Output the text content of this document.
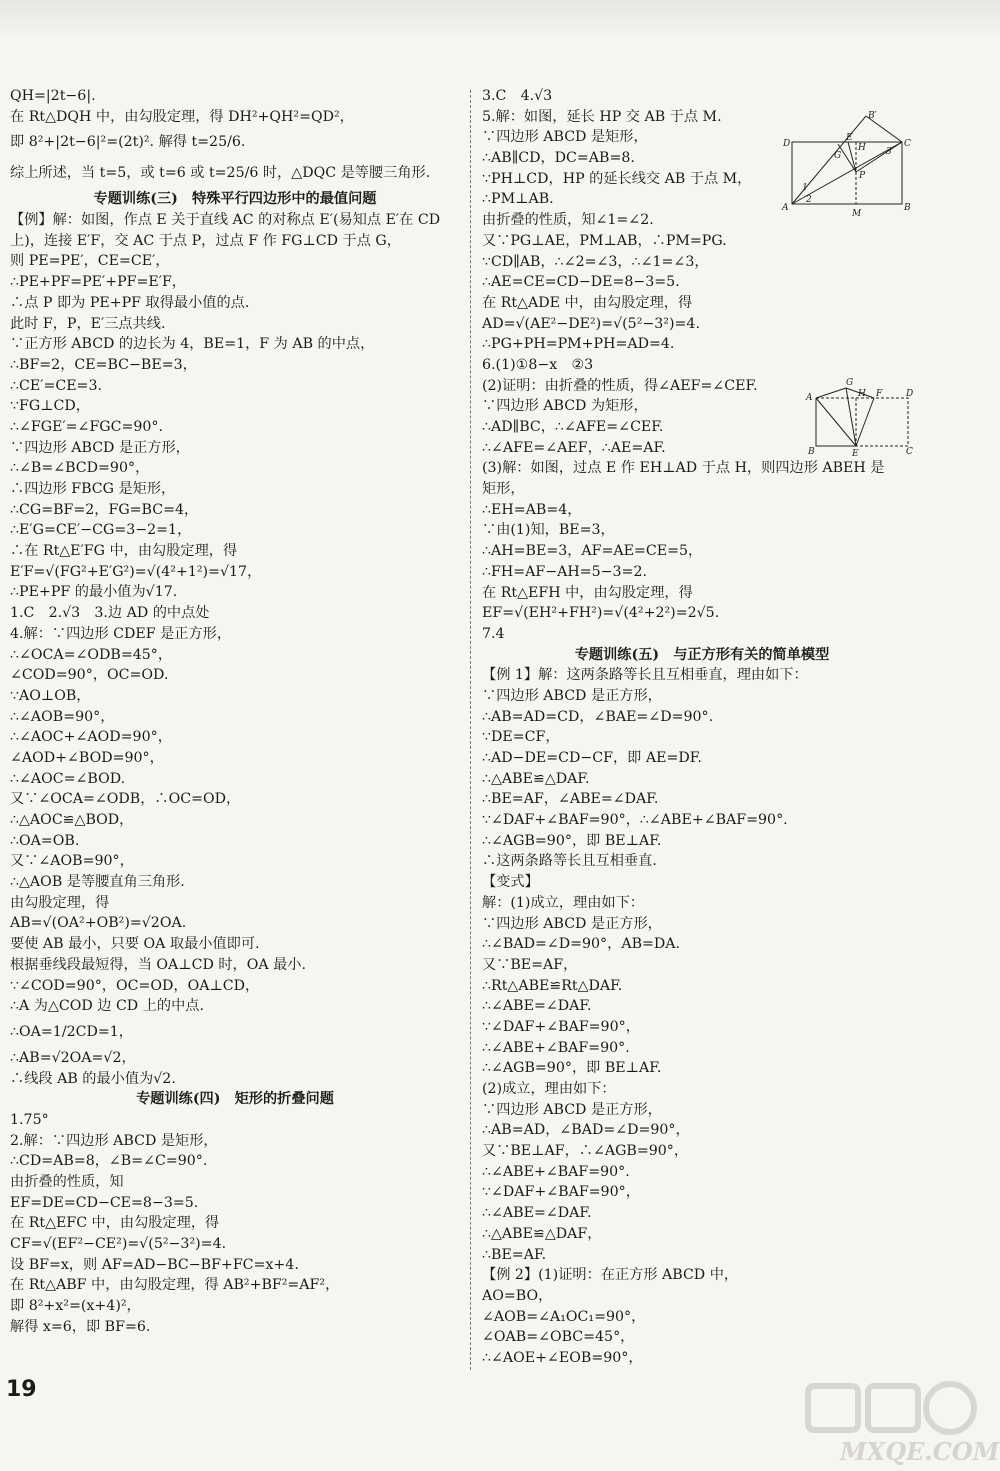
QH=|2t−6|.
在 Rt△DQH 中，由勾股定理，得 DH²+QH²=QD²，
即 8²+|2t−6|²=(2t)². 解得 t=25/6.
综上所述，当 t=5，或 t=6 或 t=25/6 时，△DQC 是等腰三角形.
专题训练(三)　特殊平行四边形中的最值问题
【例】解：如图，作点 E 关于直线 AC 的对称点 E′(易知点 E′在 CD
上)，连接 E′F，交 AC 于点 P，过点 F 作 FG⊥CD 于点 G，
则 PE=PE′，CE=CE′，
∴PE+PF=PE′+PF=E′F，
∴点 P 即为 PE+PF 取得最小值的点.
此时 F，P，E′三点共线.
∵正方形 ABCD 的边长为 4，BE=1，F 为 AB 的中点，
∴BF=2，CE=BC−BE=3，
∴CE′=CE=3.
∵FG⊥CD，
∴∠FGE′=∠FGC=90°.
∵四边形 ABCD 是正方形，
∴∠B=∠BCD=90°，
∴四边形 FBCG 是矩形，
∴CG=BF=2，FG=BC=4，
∴E′G=CE′−CG=3−2=1，
∴在 Rt△E′FG 中，由勾股定理，得
E′F=√(FG²+E′G²)=√(4²+1²)=√17，
∴PE+PF 的最小值为√17.
1.C　2.√3　3.边 AD 的中点处
4.解：∵四边形 CDEF 是正方形，
∴∠OCA=∠ODB=45°，
∠COD=90°，OC=OD.
∵AO⊥OB，
∴∠AOB=90°，
∴∠AOC+∠AOD=90°，
∠AOD+∠BOD=90°，
∴∠AOC=∠BOD.
又∵∠OCA=∠ODB，∴OC=OD，
∴△AOC≌△BOD，
∴OA=OB.
又∵∠AOB=90°，
∴△AOB 是等腰直角三角形.
由勾股定理，得
AB=√(OA²+OB²)=√2OA.
要使 AB 最小，只要 OA 取最小值即可.
根据垂线段最短得，当 OA⊥CD 时，OA 最小.
∵∠COD=90°，OC=OD，OA⊥CD，
∴A 为△COD 边 CD 上的中点.
∴OA=1/2CD=1，
∴AB=√2OA=√2，
∴线段 AB 的最小值为√2.
专题训练(四)　矩形的折叠问题
1.75°
2.解：∵四边形 ABCD 是矩形，
∴CD=AB=8，∠B=∠C=90°.
由折叠的性质，知
EF=DE=CD−CE=8−3=5.
在 Rt△EFC 中，由勾股定理，得
CF=√(EF²−CE²)=√(5²−3²)=4.
设 BF=x，则 AF=AD−BC−BF+FC=x+4.
在 Rt△ABF 中，由勾股定理，得 AB²+BF²=AF²，
即 8²+x²=(x+4)²，
解得 x=6，即 BF=6.
3.C　4.√3
5.解：如图，延长 HP 交 AB 于点 M.
∵四边形 ABCD 是矩形，
∴AB∥CD，DC=AB=8.
∵PH⊥CD，HP 的延长线交 AB 于点 M，
∴PM⊥AB.
由折叠的性质，知∠1=∠2.
又∵PG⊥AE，PM⊥AB，∴PM=PG.
∵CD∥AB，∴∠2=∠3，∴∠1=∠3，
∴AE=CE=CD−DE=8−3=5.
在 Rt△ADE 中，由勾股定理，得
AD=√(AE²−DE²)=√(5²−3²)=4.
∴PG+PH=PM+PH=AD=4.
6.(1)①8−x　②3
(2)证明：由折叠的性质，得∠AEF=∠CEF.
∵四边形 ABCD 为矩形，
∴AD∥BC，∴∠AFE=∠CEF.
∴∠AFE=∠AEF，∴AE=AF.
(3)解：如图，过点 E 作 EH⊥AD 于点 H，则四边形 ABEH 是
矩形，
∴EH=AB=4，
∵由(1)知，BE=3，
∴AH=BE=3，AF=AE=CE=5，
∴FH=AF−AH=5−3=2.
在 Rt△EFH 中，由勾股定理，得
EF=√(EH²+FH²)=√(4²+2²)=2√5.
7.4
专题训练(五)　与正方形有关的简单模型
【例 1】解：这两条路等长且互相垂直，理由如下：
∵四边形 ABCD 是正方形，
∴AB=AD=CD，∠BAE=∠D=90°.
∵DE=CF，
∴AD−DE=CD−CF，即 AE=DF.
∴△ABE≌△DAF.
∴BE=AF，∠ABE=∠DAF.
∵∠DAF+∠BAF=90°，∴∠ABE+∠BAF=90°.
∴∠AGB=90°，即 BE⊥AF.
∴这两条路等长且互相垂直.
【变式】
解：(1)成立，理由如下：
∵四边形 ABCD 是正方形，
∴∠BAD=∠D=90°，AB=DA.
又∵BE=AF，
∴Rt△ABE≌Rt△DAF.
∴∠ABE=∠DAF.
∵∠DAF+∠BAF=90°，
∴∠ABE+∠BAF=90°.
∴∠AGB=90°，即 BE⊥AF.
(2)成立，理由如下：
∵四边形 ABCD 是正方形，
∴AB=AD，∠BAD=∠D=90°，
又∵BE⊥AF，∴∠AGB=90°，
∴∠ABE+∠BAF=90°.
∵∠DAF+∠BAF=90°，
∴∠ABE=∠DAF.
∴△ABE≌△DAF，
∴BE=AF.
【例 2】(1)证明：在正方形 ABCD 中，
AO=BO，
∠AOB=∠A₁OC₁=90°，
∠OAB=∠OBC=45°，
∴∠AOE+∠EOB=90°，
B′
D
G
E
H	C
3
1
2
P
A
M
B
G
A	H F	D
B	E	C
19
MXQE.COM
